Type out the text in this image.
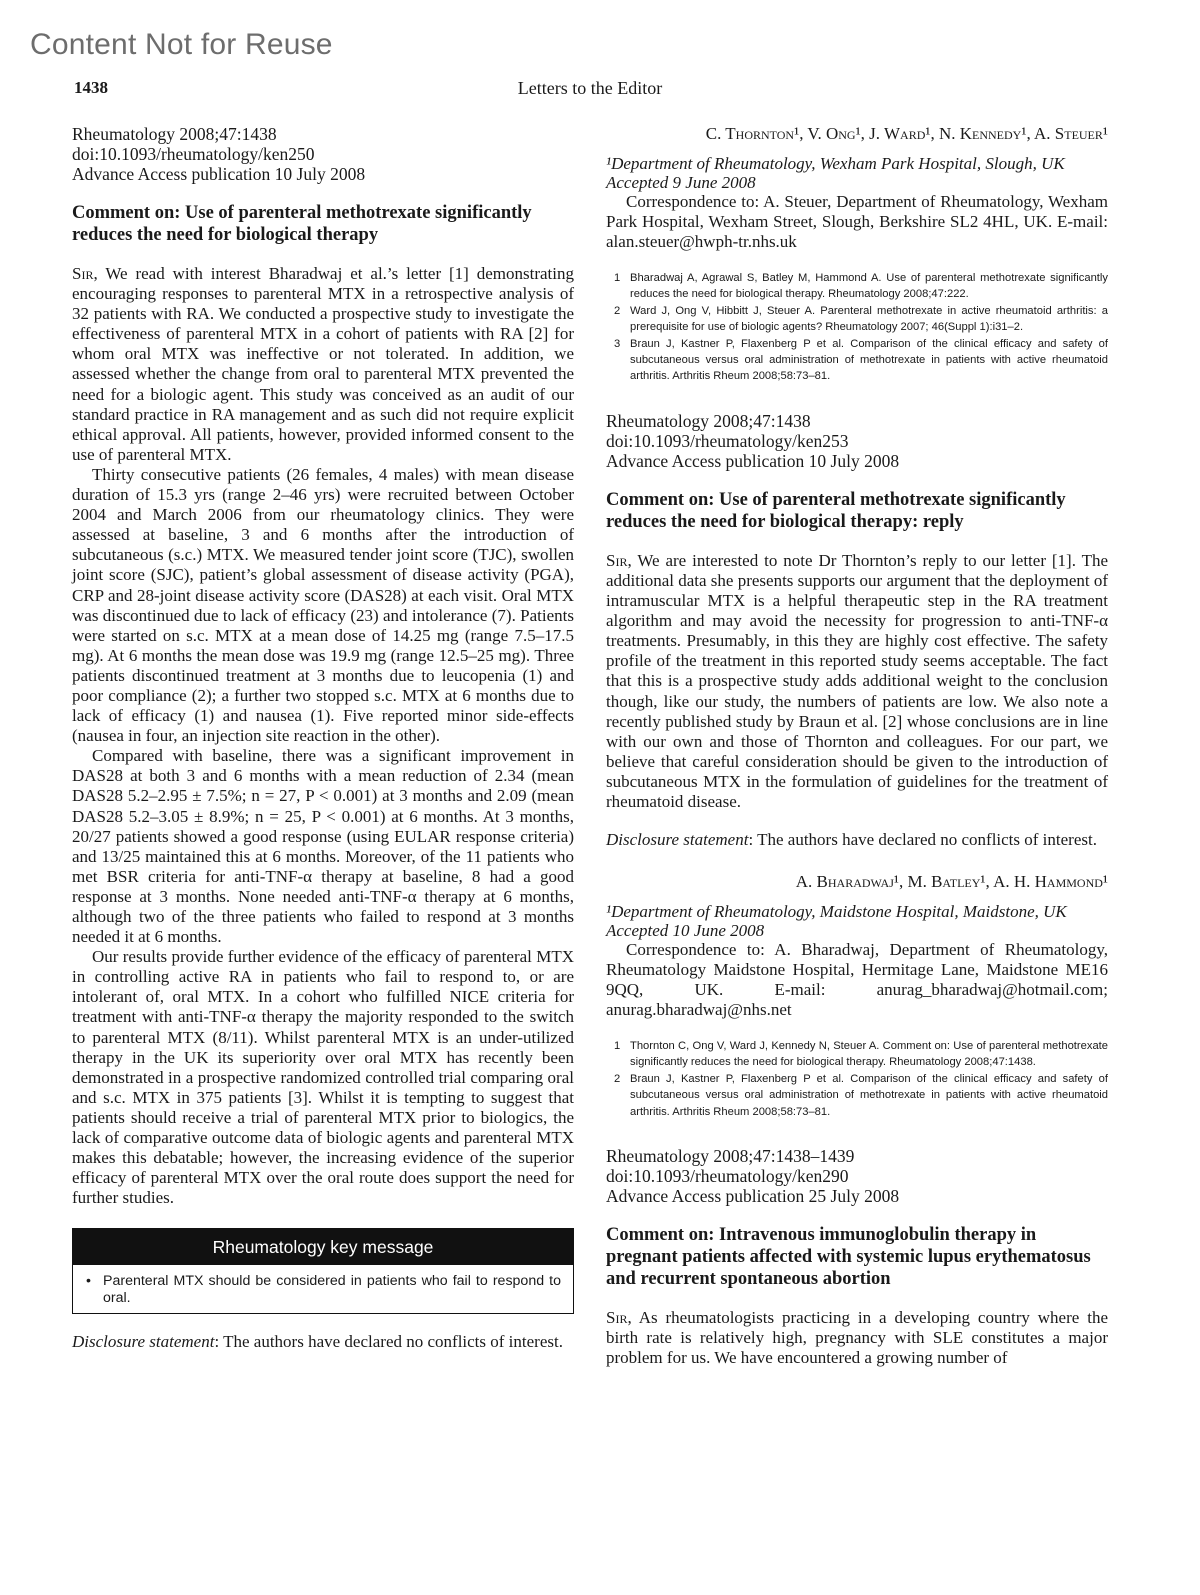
Content Not for Reuse
1438	Letters to the Editor

Rheumatology 2008;47:1438

doi:10.1093/rheumatology/ken250

Advance Access publication 10 July 2008

Comment on: Use of parenteral methotrexate significantly reduces the need for biological therapy

Sir, We read with interest Bharadwaj et al.’s letter [1] demonstrating encouraging responses to parenteral MTX in a retrospective analysis of 32 patients with RA. We conducted a prospective study to investigate the effectiveness of parenteral MTX in a cohort of patients with RA [2] for whom oral MTX was ineffective or not tolerated. In addition, we assessed whether the change from oral to parenteral MTX prevented the need for a biologic agent. This study was conceived as an audit of our standard practice in RA management and as such did not require explicit ethical approval. All patients, however, provided informed consent to the use of parenteral MTX.

Thirty consecutive patients (26 females, 4 males) with mean disease duration of 15.3 yrs (range 2–46 yrs) were recruited between October 2004 and March 2006 from our rheumatology clinics. They were assessed at baseline, 3 and 6 months after the introduction of subcutaneous (s.c.) MTX. We measured tender joint score (TJC), swollen joint score (SJC), patient’s global assessment of disease activity (PGA), CRP and 28-joint disease activity score (DAS28) at each visit. Oral MTX was discontinued due to lack of efficacy (23) and intolerance (7). Patients were started on s.c. MTX at a mean dose of 14.25 mg (range 7.5–17.5 mg). At 6 months the mean dose was 19.9 mg (range 12.5–25 mg). Three patients discontinued treatment at 3 months due to leucopenia (1) and poor compliance (2); a further two stopped s.c. MTX at 6 months due to lack of efficacy (1) and nausea (1). Five reported minor side-effects (nausea in four, an injection site reaction in the other).

Compared with baseline, there was a significant improvement in DAS28 at both 3 and 6 months with a mean reduction of 2.34 (mean DAS28 5.2–2.95 ± 7.5%; n = 27, P < 0.001) at 3 months and 2.09 (mean DAS28 5.2–3.05 ± 8.9%; n = 25, P < 0.001) at 6 months. At 3 months, 20/27 patients showed a good response (using EULAR response criteria) and 13/25 maintained this at 6 months. Moreover, of the 11 patients who met BSR criteria for anti-TNF-α therapy at baseline, 8 had a good response at 3 months. None needed anti-TNF-α therapy at 6 months, although two of the three patients who failed to respond at 3 months needed it at 6 months.

Our results provide further evidence of the efficacy of parenteral MTX in controlling active RA in patients who fail to respond to, or are intolerant of, oral MTX. In a cohort who fulfilled NICE criteria for treatment with anti-TNF-α therapy the majority responded to the switch to parenteral MTX (8/11). Whilst parenteral MTX is an under-utilized therapy in the UK its superiority over oral MTX has recently been demonstrated in a prospective randomized controlled trial comparing oral and s.c. MTX in 375 patients [3]. Whilst it is tempting to suggest that patients should receive a trial of parenteral MTX prior to biologics, the lack of comparative outcome data of biologic agents and parenteral MTX makes this debatable; however, the increasing evidence of the superior efficacy of parenteral MTX over the oral route does support the need for further studies.

Rheumatology key message
• Parenteral MTX should be considered in patients who fail to respond to oral.

Disclosure statement: The authors have declared no conflicts of interest.

C. Thornton¹, V. Ong¹, J. Ward¹, N. Kennedy¹, A. Steuer¹

¹Department of Rheumatology, Wexham Park Hospital, Slough, UK

Accepted 9 June 2008

Correspondence to: A. Steuer, Department of Rheumatology, Wexham Park Hospital, Wexham Street, Slough, Berkshire SL2 4HL, UK. E-mail: alan.steuer@hwph-tr.nhs.uk

1 Bharadwaj A, Agrawal S, Batley M, Hammond A. Use of parenteral methotrexate significantly reduces the need for biological therapy. Rheumatology 2008;47:222.
2 Ward J, Ong V, Hibbitt J, Steuer A. Parenteral methotrexate in active rheumatoid arthritis: a prerequisite for use of biologic agents? Rheumatology 2007; 46(Suppl 1):i31–2.
3 Braun J, Kastner P, Flaxenberg P et al. Comparison of the clinical efficacy and safety of subcutaneous versus oral administration of methotrexate in patients with active rheumatoid arthritis. Arthritis Rheum 2008;58:73–81.

Rheumatology 2008;47:1438

doi:10.1093/rheumatology/ken253

Advance Access publication 10 July 2008

Comment on: Use of parenteral methotrexate significantly reduces the need for biological therapy: reply

Sir, We are interested to note Dr Thornton’s reply to our letter [1]. The additional data she presents supports our argument that the deployment of intramuscular MTX is a helpful therapeutic step in the RA treatment algorithm and may avoid the necessity for progression to anti-TNF-α treatments. Presumably, in this they are highly cost effective. The safety profile of the treatment in this reported study seems acceptable. The fact that this is a prospective study adds additional weight to the conclusion though, like our study, the numbers of patients are low. We also note a recently published study by Braun et al. [2] whose conclusions are in line with our own and those of Thornton and colleagues. For our part, we believe that careful consideration should be given to the introduction of subcutaneous MTX in the formulation of guidelines for the treatment of rheumatoid disease.

Disclosure statement: The authors have declared no conflicts of interest.

A. Bharadwaj¹, M. Batley¹, A. H. Hammond¹

¹Department of Rheumatology, Maidstone Hospital, Maidstone, UK

Accepted 10 June 2008

Correspondence to: A. Bharadwaj, Department of Rheumatology, Rheumatology Maidstone Hospital, Hermitage Lane, Maidstone ME16 9QQ, UK. E-mail: anurag_bharadwaj@hotmail.com; anurag.bharadwaj@nhs.net

1 Thornton C, Ong V, Ward J, Kennedy N, Steuer A. Comment on: Use of parenteral methotrexate significantly reduces the need for biological therapy. Rheumatology 2008;47:1438.
2 Braun J, Kastner P, Flaxenberg P et al. Comparison of the clinical efficacy and safety of subcutaneous versus oral administration of methotrexate in patients with active rheumatoid arthritis. Arthritis Rheum 2008;58:73–81.

Rheumatology 2008;47:1438–1439

doi:10.1093/rheumatology/ken290

Advance Access publication 25 July 2008

Comment on: Intravenous immunoglobulin therapy in pregnant patients affected with systemic lupus erythematosus and recurrent spontaneous abortion

Sir, As rheumatologists practicing in a developing country where the birth rate is relatively high, pregnancy with SLE constitutes a major problem for us. We have encountered a growing number of
